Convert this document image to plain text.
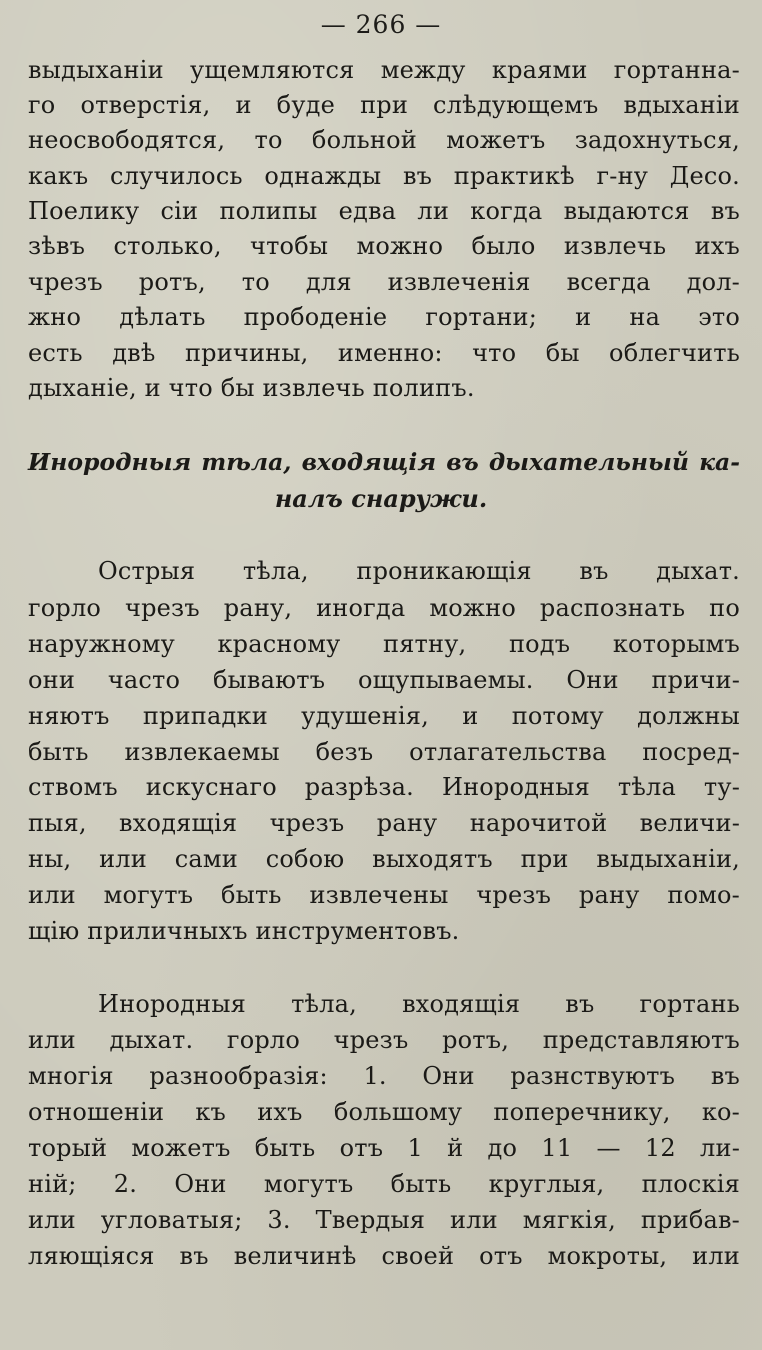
— 266 —
выдыханіи ущемляются между краями гортанна-
го отверстія, и буде при слѣдующемъ вдыханіи
неосвободятся, то больной можетъ задохнуться,
какъ случилось однажды въ практикѣ г-ну Десо.
Поелику сіи полипы едва ли когда выдаются въ
зѣвъ столько, чтобы можно было извлечь ихъ
чрезъ ротъ, то для извлеченія всегда дол-
жно дѣлать прободеніе гортани; и на это
есть двѣ причины, именно: что бы облегчить
дыханіе, и что бы извлечь полипъ.
Инородныя тѣла, входящія въ дыхательный ка-
налъ снаружи.
Острыя тѣла, проникающія въ дыхат.
горло чрезъ рану, иногда можно распознать по
наружному красному пятну, подъ которымъ
они часто бываютъ ощупываемы. Они причи-
няютъ припадки удушенія, и потому должны
быть извлекаемы безъ отлагательства посред-
ствомъ искуснаго разрѣза. Инородныя тѣла ту-
пыя, входящія чрезъ рану нарочитой величи-
ны, или сами собою выходятъ при выдыханіи,
или могутъ быть извлечены чрезъ рану помо-
щію приличныхъ инструментовъ.
Инородныя тѣла, входящія въ гортань
или дыхат. горло чрезъ ротъ, представляютъ
многія разнообразія: 1. Они разнствуютъ въ
отношеніи къ ихъ большому поперечнику, ко-
торый можетъ быть отъ 1 й до 11 — 12 ли-
ній; 2. Они могутъ быть круглыя, плоскія
или угловатыя; 3. Твердыя или мягкія, прибав-
ляющіяся въ величинѣ своей отъ мокроты, или
